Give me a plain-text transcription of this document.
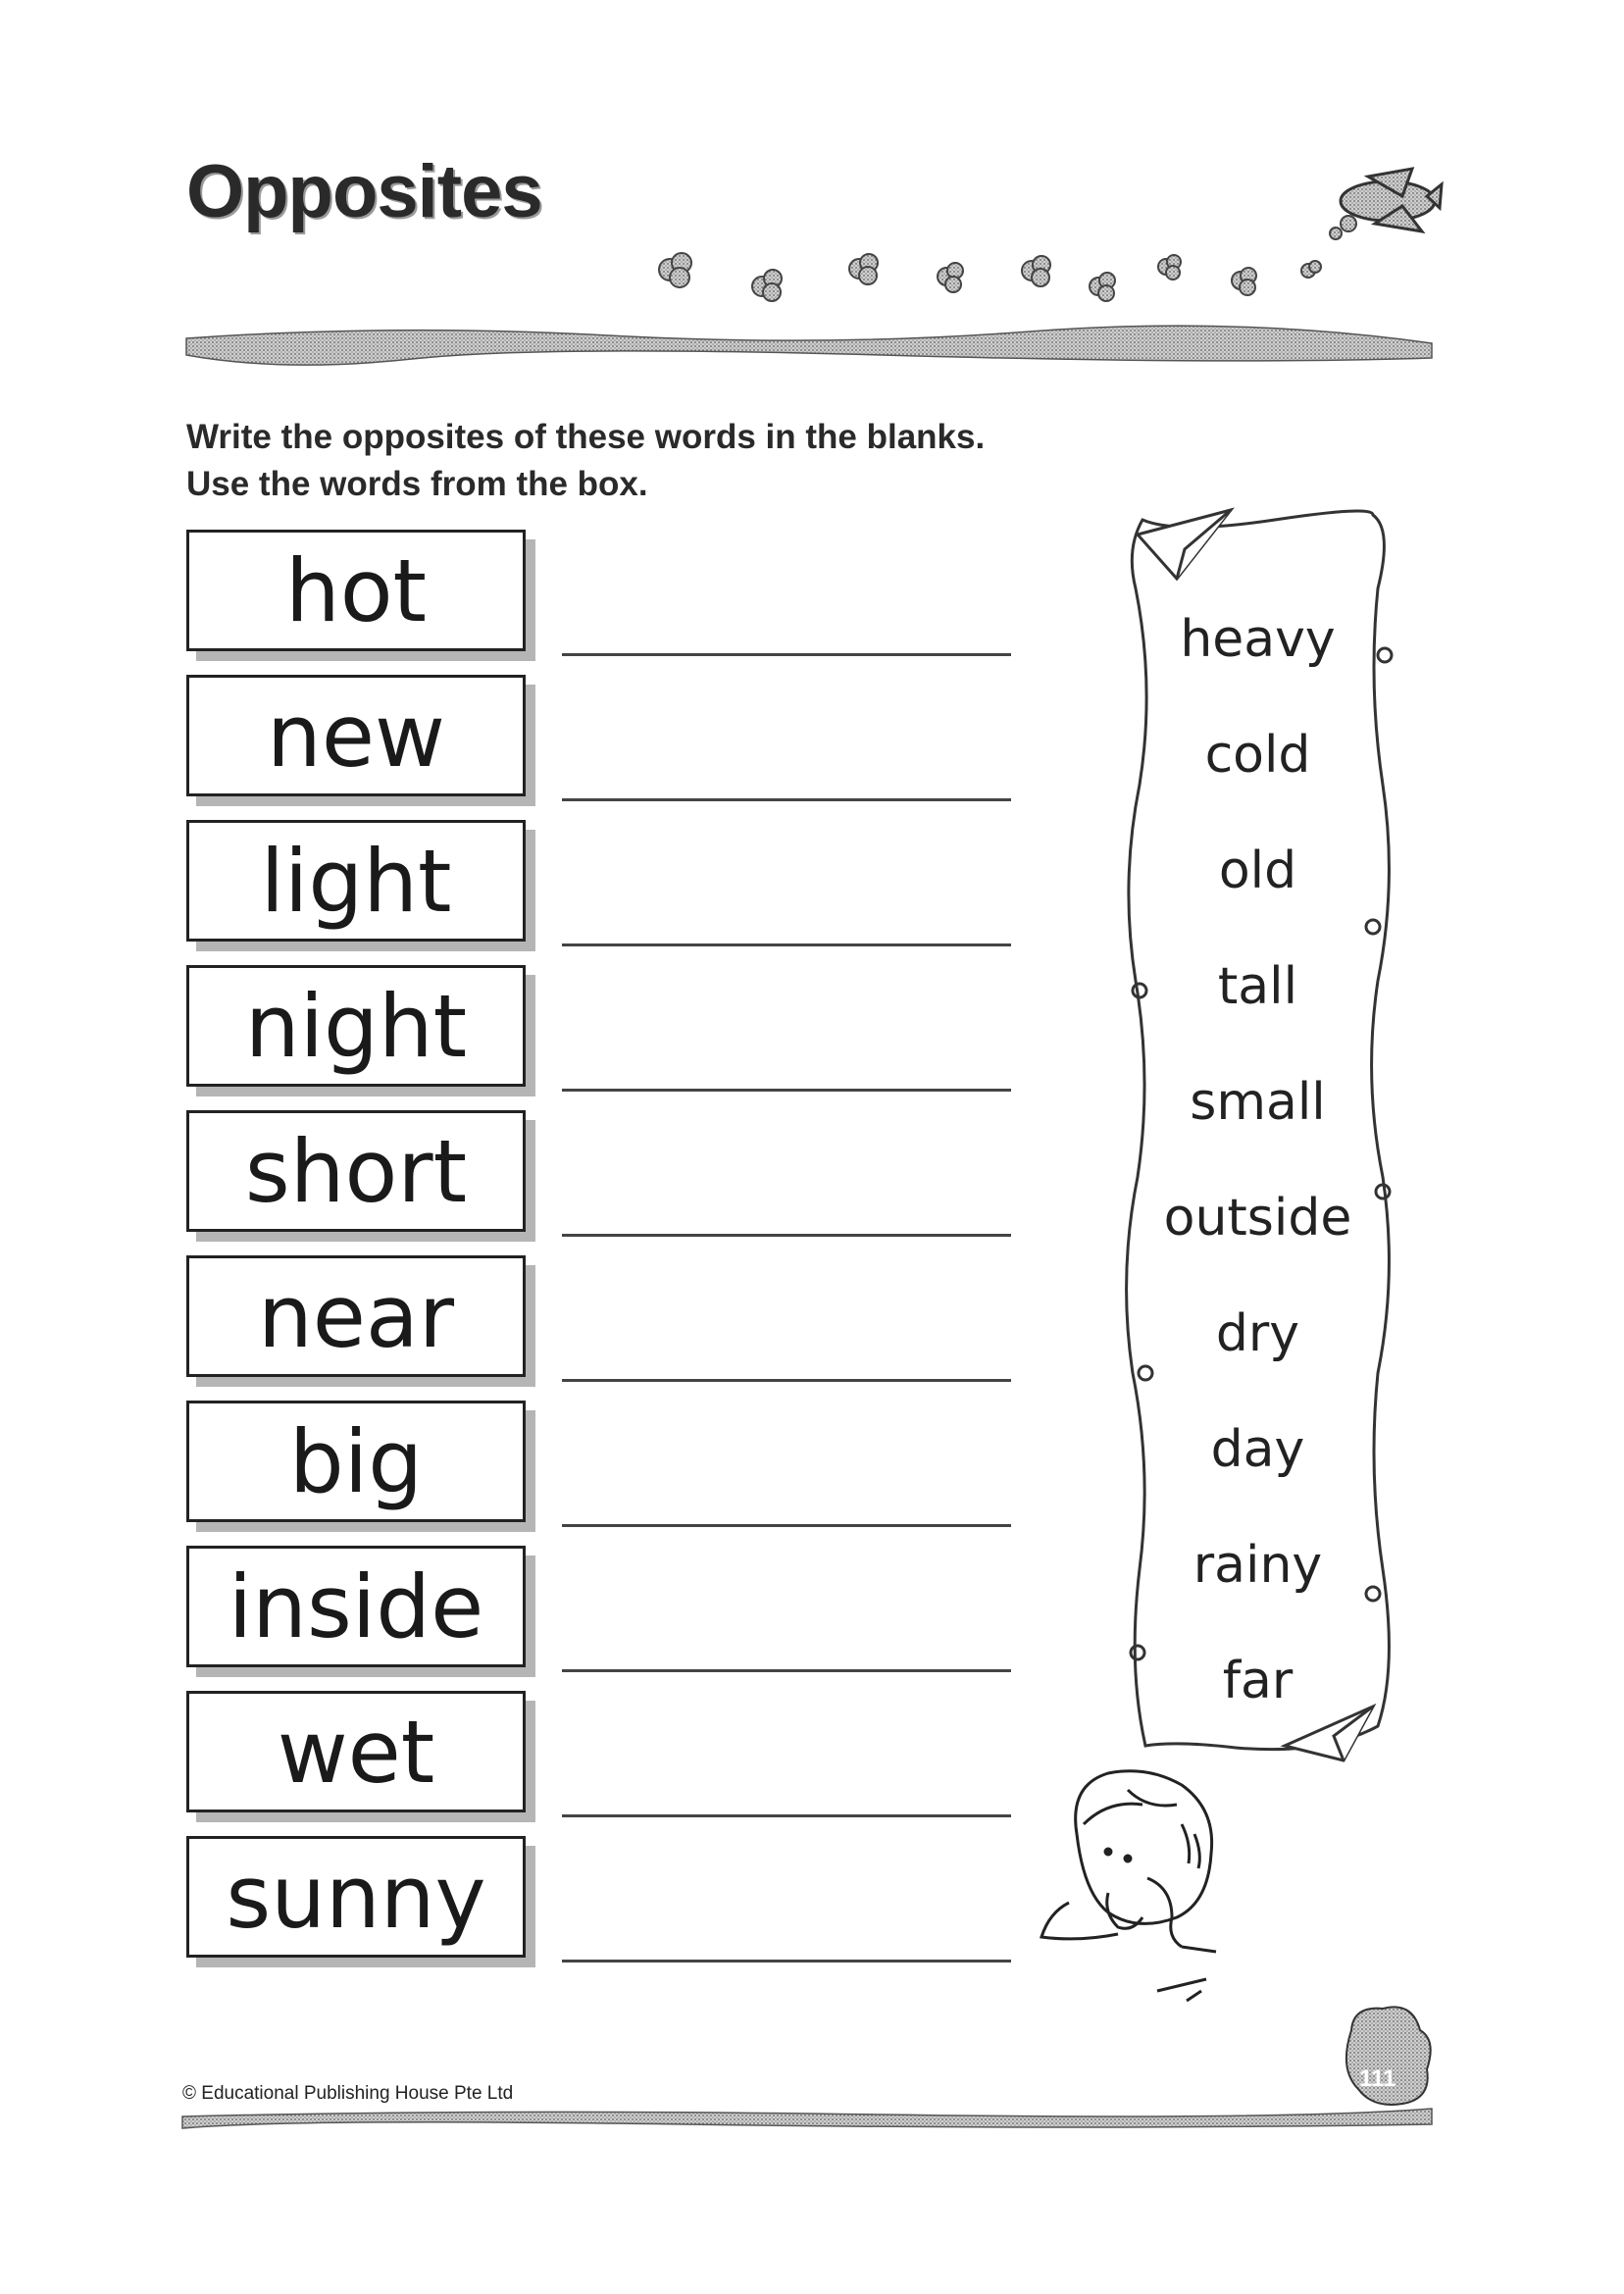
Opposites
Write the opposites of these words in the blanks.
Use the words from the box.
hot
new
light
night
short
near
big
inside
wet
sunny
heavy
cold
old
tall
small
outside
dry
day
rainy
far
© Educational Publishing House Pte Ltd
111
